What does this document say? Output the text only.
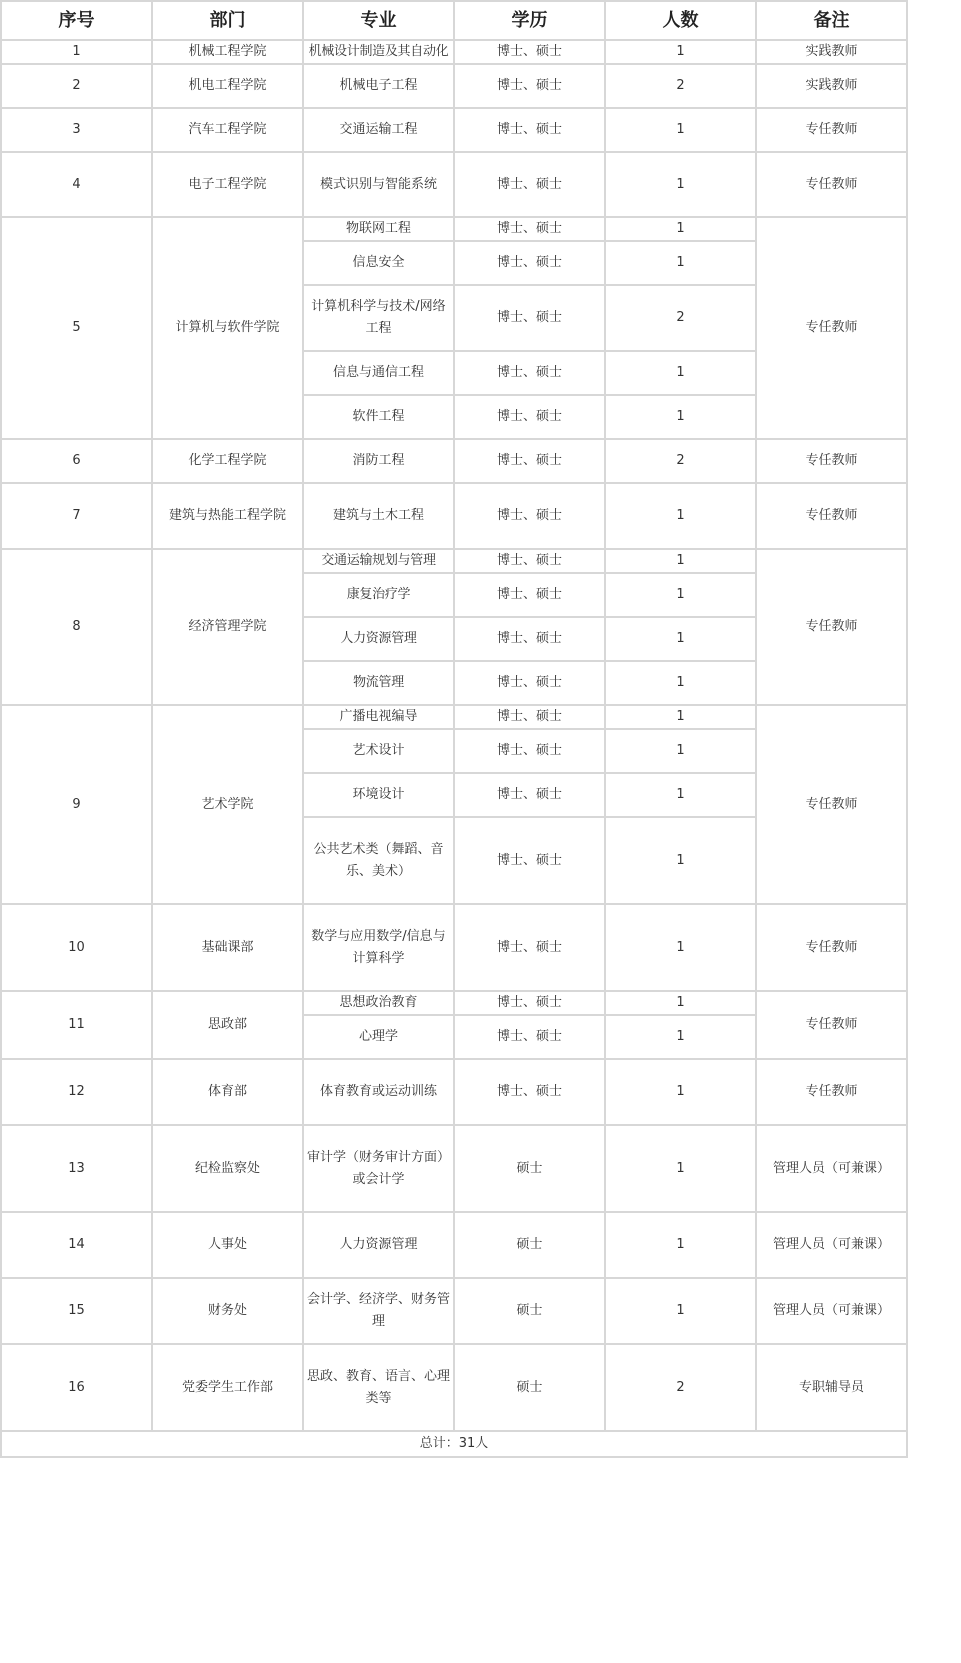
序号	部门	专业	学历	人数	备注
1	机械工程学院	机械设计制造及其自动化	博士、硕士	1	实践教师
2	机电工程学院	机械电子工程	博士、硕士	2	实践教师
3	汽车工程学院	交通运输工程	博士、硕士	1	专任教师
4	电子工程学院	模式识别与智能系统	博士、硕士	1	专任教师
5	计算机与软件学院	物联网工程	博士、硕士	1	专任教师
		信息安全	博士、硕士	1	
		计算机科学与技术/网络工程	博士、硕士	2	
		信息与通信工程	博士、硕士	1	
		软件工程	博士、硕士	1	
6	化学工程学院	消防工程	博士、硕士	2	专任教师
7	建筑与热能工程学院	建筑与土木工程	博士、硕士	1	专任教师
8	经济管理学院	交通运输规划与管理	博士、硕士	1	专任教师
		康复治疗学	博士、硕士	1	
		人力资源管理	博士、硕士	1	
		物流管理	博士、硕士	1	
9	艺术学院	广播电视编导	博士、硕士	1	专任教师
		艺术设计	博士、硕士	1	
		环境设计	博士、硕士	1	
		公共艺术类（舞蹈、音乐、美术）	博士、硕士	1	
10	基础课部	数学与应用数学/信息与计算科学	博士、硕士	1	专任教师
11	思政部	思想政治教育	博士、硕士	1	专任教师
		心理学	博士、硕士	1	
12	体育部	体育教育或运动训练	博士、硕士	1	专任教师
13	纪检监察处	审计学（财务审计方面）或会计学	硕士	1	管理人员（可兼课）
14	人事处	人力资源管理	硕士	1	管理人员（可兼课）
15	财务处	会计学、经济学、财务管理	硕士	1	管理人员（可兼课）
16	党委学生工作部	思政、教育、语言、心理类等	硕士	2	专职辅导员
总计：31人					
